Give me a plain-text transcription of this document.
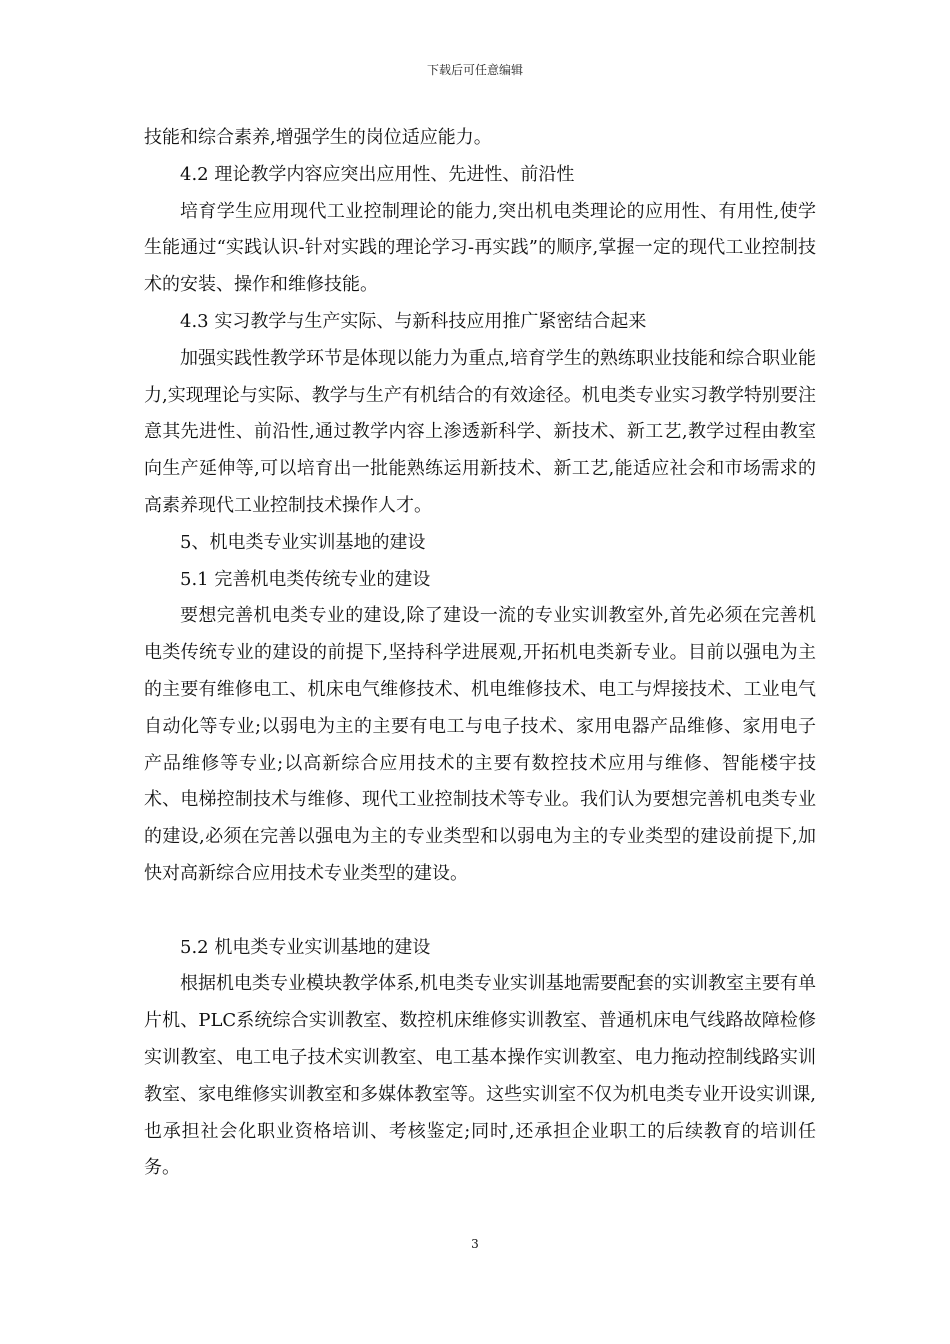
下载后可任意编辑

技能和综合素养,增强学生的岗位适应能力。

4.2 理论教学内容应突出应用性、先进性、前沿性

培育学生应用现代工业控制理论的能力,突出机电类理论的应用性、有用性,使学生能通过“实践认识-针对实践的理论学习-再实践”的顺序,掌握一定的现代工业控制技术的安装、操作和维修技能。

4.3 实习教学与生产实际、与新科技应用推广紧密结合起来

加强实践性教学环节是体现以能力为重点,培育学生的熟练职业技能和综合职业能力,实现理论与实际、教学与生产有机结合的有效途径。机电类专业实习教学特别要注意其先进性、前沿性,通过教学内容上渗透新科学、新技术、新工艺,教学过程由教室向生产延伸等,可以培育出一批能熟练运用新技术、新工艺,能适应社会和市场需求的高素养现代工业控制技术操作人才。

5、机电类专业实训基地的建设

5.1 完善机电类传统专业的建设

要想完善机电类专业的建设,除了建设一流的专业实训教室外,首先必须在完善机电类传统专业的建设的前提下,坚持科学进展观,开拓机电类新专业。目前以强电为主的主要有维修电工、机床电气维修技术、机电维修技术、电工与焊接技术、工业电气自动化等专业;以弱电为主的主要有电工与电子技术、家用电器产品维修、家用电子产品维修等专业;以高新综合应用技术的主要有数控技术应用与维修、智能楼宇技术、电梯控制技术与维修、现代工业控制技术等专业。我们认为要想完善机电类专业的建设,必须在完善以强电为主的专业类型和以弱电为主的专业类型的建设前提下,加快对高新综合应用技术专业类型的建设。

5.2 机电类专业实训基地的建设

根据机电类专业模块教学体系,机电类专业实训基地需要配套的实训教室主要有单片机、PLC系统综合实训教室、数控机床维修实训教室、普通机床电气线路故障检修实训教室、电工电子技术实训教室、电工基本操作实训教室、电力拖动控制线路实训教室、家电维修实训教室和多媒体教室等。这些实训室不仅为机电类专业开设实训课,也承担社会化职业资格培训、考核鉴定;同时,还承担企业职工的后续教育的培训任务。

3
